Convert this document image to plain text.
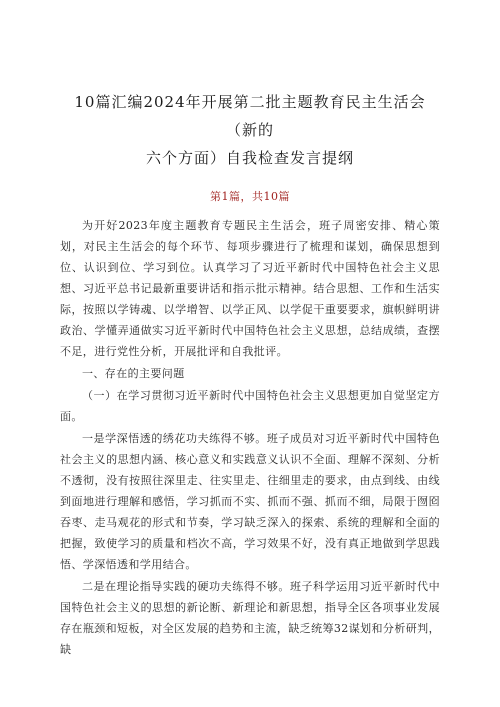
10篇汇编2024年开展第二批主题教育民主生活会（新的
六个方面）自我检查发言提纲
第1篇，共10篇

为开好2023年度主题教育专题民主生活会，班子周密安排、精心策划，对民主生活会的每个环节、每项步骤进行了梳理和谋划，确保思想到位、认识到位、学习到位。认真学习了习近平新时代中国特色社会主义思想、习近平总书记最新重要讲话和指示批示精神。结合思想、工作和生活实际，按照以学铸魂、以学增智、以学正风、以学促干重要要求，旗帜鲜明讲政治、学懂弄通做实习近平新时代中国特色社会主义思想，总结成绩，查摆不足，进行党性分析，开展批评和自我批评。

一、存在的主要问题

（一）在学习贯彻习近平新时代中国特色社会主义思想更加自觉坚定方面。

一是学深悟透的绣花功夫练得不够。班子成员对习近平新时代中国特色社会主义的思想内涵、核心意义和实践意义认识不全面、理解不深刻、分析不透彻，没有按照往深里走、往实里走、往细里走的要求，由点到线、由线到面地进行理解和感悟，学习抓而不实、抓而不强、抓而不细，局限于囫囵吞枣、走马观花的形式和节奏，学习缺乏深入的探索、系统的理解和全面的把握，致使学习的质量和档次不高，学习效果不好，没有真正地做到学思践悟、学深悟透和学用结合。

二是在理论指导实践的硬功夫练得不够。班子科学运用习近平新时代中国特色社会主义的思想的新论断、新理论和新思想，指导全区各项事业发展存在瓶颈和短板，对全区发展的趋势和主流，缺乏统筹32谋划和分析研判，缺
